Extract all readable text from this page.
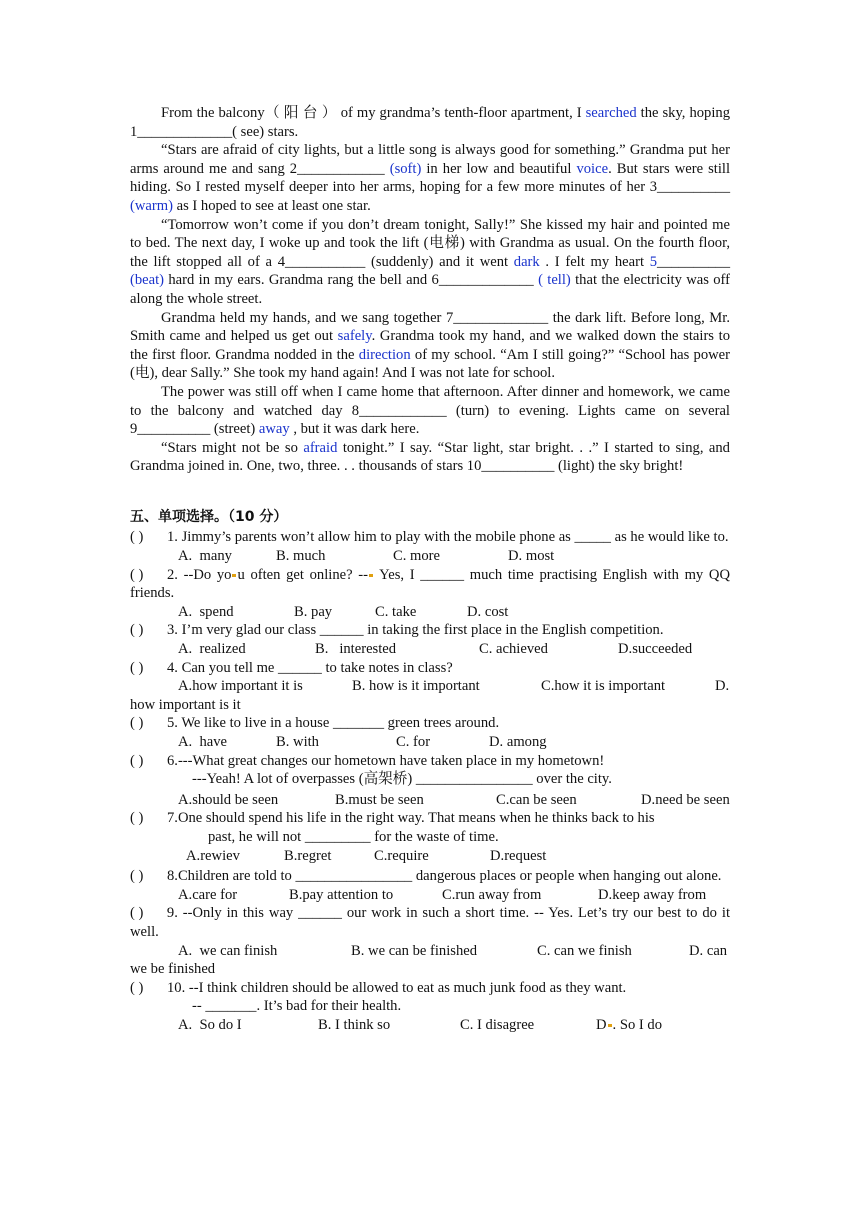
From the balcony（ 阳 台 ） of my grandma’s tenth-floor apartment, I searched the sky, hoping 1_____________( see) stars.

“Stars are afraid of city lights, but a little song is always good for something.” Grandma put her arms around me and sang 2____________ (soft) in her low and beautiful voice. But stars were still hiding. So I rested myself deeper into her arms, hoping for a few more minutes of her 3__________ (warm) as I hoped to see at least one star.

“Tomorrow won’t come if you don’t dream tonight, Sally!” She kissed my hair and pointed me to bed. The next day, I woke up and took the lift (电梯) with Grandma as usual. On the fourth floor, the lift stopped all of a 4___________ (suddenly) and it went dark . I felt my heart 5__________ (beat) hard in my ears. Grandma rang the bell and 6_____________ ( tell) that the electricity was off along the whole street.

Grandma held my hands, and we sang together 7_____________ the dark lift. Before long, Mr. Smith came and helped us get out safely. Grandma took my hand, and we walked down the stairs to the first floor. Grandma nodded in the direction of my school. “Am I still going?” “School has power (电), dear Sally.” She took my hand again! And I was not late for school.

The power was still off when I came home that afternoon. After dinner and homework, we came to the balcony and watched day 8____________ (turn) to evening. Lights came on several 9__________ (street) away , but it was dark here.

“Stars might not be so afraid tonight.” I say. “Star light, star bright. . .” I started to sing, and Grandma joined in. One, two, three. . . thousands of stars 10__________ (light) the sky bright!

五、单项选择。（10 分）

( ) 1. Jimmy’s parents won’t allow him to play with the mobile phone as _____ as he would like to.

A.  many	B. much	C. more	D. most

( ) 2. --Do yo u often get online? -- Yes, I ______ much time practising English with my QQ friends.

A.  spend	B. pay	C. take	D. cost

( ) 3. I’m very glad our class ______ in taking the first place in the English competition.

A.  realized	B.   interested	C. achieved	D.succeeded

( ) 4. Can you tell me ______ to take notes in class?

A.how important it is	B. how is it important	C.how it is important	D.

how important is it

( ) 5. We like to live in a house _______ green trees around.

A.  have	B. with	C. for	D. among

( ) 6.---What great changes our hometown have taken place in my hometown!

---Yeah! A lot of overpasses (高架桥) ________________ over the city.

A.should be seen	B.must be seen	C.can be seen	D.need be seen

( ) 7.One should spend his life in the right way. That means when he thinks back to his

past, he will not _________ for the waste of time.

A.rewiev	B.regret	C.require	D.request

( ) 8.Children are told to ________________ dangerous places or people when hanging out alone.

A.care for	B.pay attention to	C.run away from	D.keep away from

( ) 9. --Only in this way ______ our work in such a short time. -- Yes. Let’s try our best to do it well.

A.  we can finish	B. we can be finished	C. can we finish	D. can

we be finished

( ) 10. --I think children should be allowed to eat as much junk food as they want.

-- _______. It’s bad for their health.

A.  So do I	B. I think so	C. I disagree	D . So I do
